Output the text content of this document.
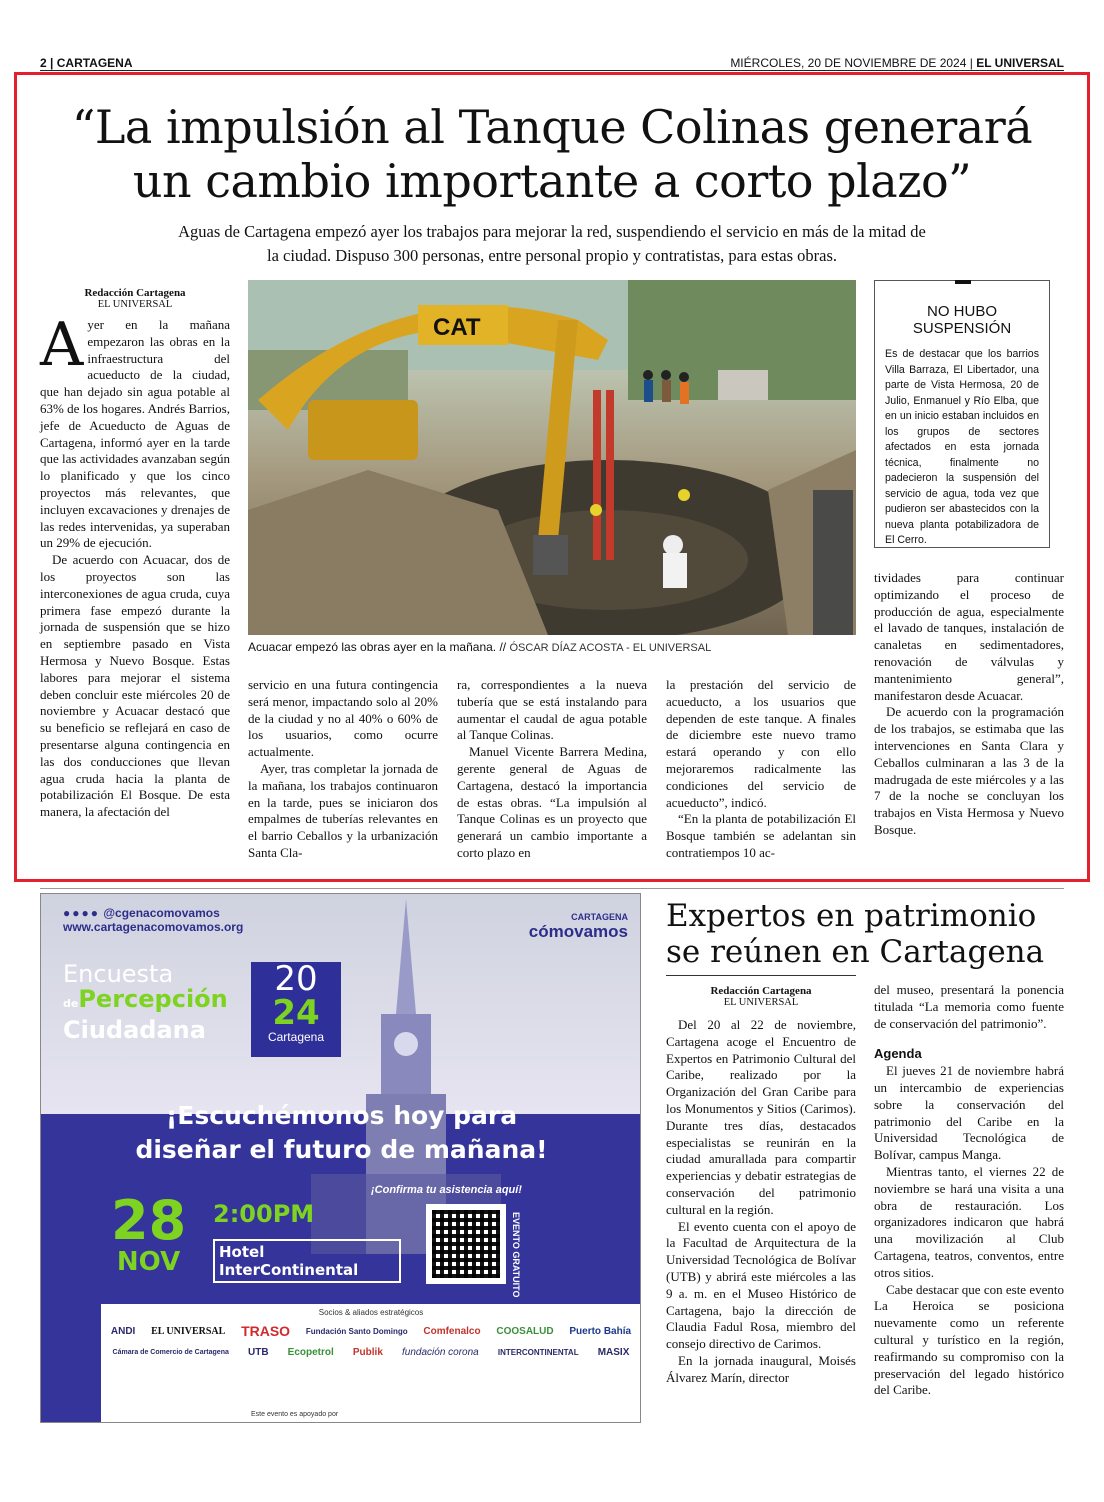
2 | CARTAGENA	MIÉRCOLES, 20 DE NOVIEMBRE DE 2024 | EL UNIVERSAL
“La impulsión al Tanque Colinas generará
un cambio importante a corto plazo”
Aguas de Cartagena empezó ayer los trabajos para mejorar la red, suspendiendo el servicio en más de la mitad de
la ciudad. Dispuso 300 personas, entre personal propio y contratistas, para estas obras.
Redacción Cartagena
EL UNIVERSAL

Ayer en la mañana empezaron las obras en la infraestructura del acueducto de la ciudad, que han dejado sin agua potable al 63% de los hogares. Andrés Barrios, jefe de Acueducto de Aguas de Cartagena, informó ayer en la tarde que las actividades avanzaban según lo planificado y que los cinco proyectos más relevantes, que incluyen excavaciones y drenajes de las redes intervenidas, ya superaban un 29% de ejecución.

De acuerdo con Acuacar, dos de los proyectos son las interconexiones de agua cruda, cuya primera fase empezó durante la jornada de suspensión que se hizo en septiembre pasado en Vista Hermosa y Nuevo Bosque. Estas labores para mejorar el sistema deben concluir este miércoles 20 de noviembre y Acuacar destacó que su beneficio se reflejará en caso de presentarse alguna contingencia en las dos conducciones que llevan agua cruda hacia la planta de potabilización El Bosque. De esta manera, la afectación del

CAT
Acuacar empezó las obras ayer en la mañana. // ÓSCAR DÍAZ ACOSTA - EL UNIVERSAL
NO HUBO
SUSPENSIÓN

Es de destacar que los barrios Villa Barraza, El Libertador, una parte de Vista Hermosa, 20 de Julio, Enmanuel y Río Elba, que en un inicio estaban incluidos en los grupos de sectores afectados en esta jornada técnica, finalmente no padecieron la suspensión del servicio de agua, toda vez que pudieron ser abastecidos con la nueva planta potabilizadora de El Cerro.

servicio en una futura contingencia será menor, impactando solo al 20% de la ciudad y no al 40% o 60% de los usuarios, como ocurre actualmente.

Ayer, tras completar la jornada de la mañana, los trabajos continuaron en la tarde, pues se iniciaron dos empalmes de tuberías relevantes en el barrio Ceballos y la urbanización Santa Cla-

ra, correspondientes a la nueva tubería que se está instalando para aumentar el caudal de agua potable al Tanque Colinas.

Manuel Vicente Barrera Medina, gerente general de Aguas de Cartagena, destacó la importancia de estas obras. “La impulsión al Tanque Colinas es un proyecto que generará un cambio importante a corto plazo en

la prestación del servicio de acueducto, a los usuarios que dependen de este tanque. A finales de diciembre este nuevo tramo estará operando y con ello mejoraremos radicalmente las condiciones del servicio de acueducto”, indicó.

“En la planta de potabilización El Bosque también se adelantan sin contratiempos 10 ac-

tividades para continuar optimizando el proceso de producción de agua, especialmente el lavado de tanques, instalación de canaletas en sedimentadores, renovación de válvulas y mantenimiento general”, manifestaron desde Acuacar.

De acuerdo con la programación de los trabajos, se estimaba que las intervenciones en Santa Clara y Ceballos culminaran a las 3 de la madrugada de este miércoles y a las 7 de la noche se concluyan los trabajos en Vista Hermosa y Nuevo Bosque.

●●●● @cgenacomovamos
www.cartagenacomovamos.org
CARTAGENA
cómovamos
Encuesta
dePercepción
Ciudadana
20
24
Cartagena
¡Escuchémonos hoy para
diseñar el futuro de mañana!
¡Confirma tu asistencia aquí!
28
NOV
2:00PM
Hotel
InterContinental	EVENTO GRATUITO
Socios & aliados estratégicos
ANDI EL UNIVERSAL TRASO Fundación Santo Domingo Comfenalco COOSALUD Puerto Bahía
Cámara de Comercio de Cartagena UTB Ecopetrol Publik fundación corona INTERCONTINENTAL MASIX
Este evento es apoyado por
Expertos en patrimonio
se reúnen en Cartagena
Redacción Cartagena
EL UNIVERSAL

Del 20 al 22 de noviembre, Cartagena acoge el Encuentro de Expertos en Patrimonio Cultural del Caribe, realizado por la Organización del Gran Caribe para los Monumentos y Sitios (Carimos). Durante tres días, destacados especialistas se reunirán en la ciudad amurallada para compartir experiencias y debatir estrategias de conservación del patrimonio cultural en la región.

El evento cuenta con el apoyo de la Facultad de Arquitectura de la Universidad Tecnológica de Bolívar (UTB) y abrirá este miércoles a las 9 a. m. en el Museo Histórico de Cartagena, bajo la dirección de Claudia Fadul Rosa, miembro del consejo directivo de Carimos.

En la jornada inaugural, Moisés Álvarez Marín, director

del museo, presentará la ponencia titulada “La memoria como fuente de conservación del patrimonio”.

Agenda

El jueves 21 de noviembre habrá un intercambio de experiencias sobre la conservación del patrimonio del Caribe en la Universidad Tecnológica de Bolívar, campus Manga.

Mientras tanto, el viernes 22 de noviembre se hará una visita a una obra de restauración. Los organizadores indicaron que habrá una movilización al Club Cartagena, teatros, conventos, entre otros sitios.

Cabe destacar que con este evento La Heroica se posiciona nuevamente como un referente cultural y turístico en la región, reafirmando su compromiso con la preservación del legado histórico del Caribe.
